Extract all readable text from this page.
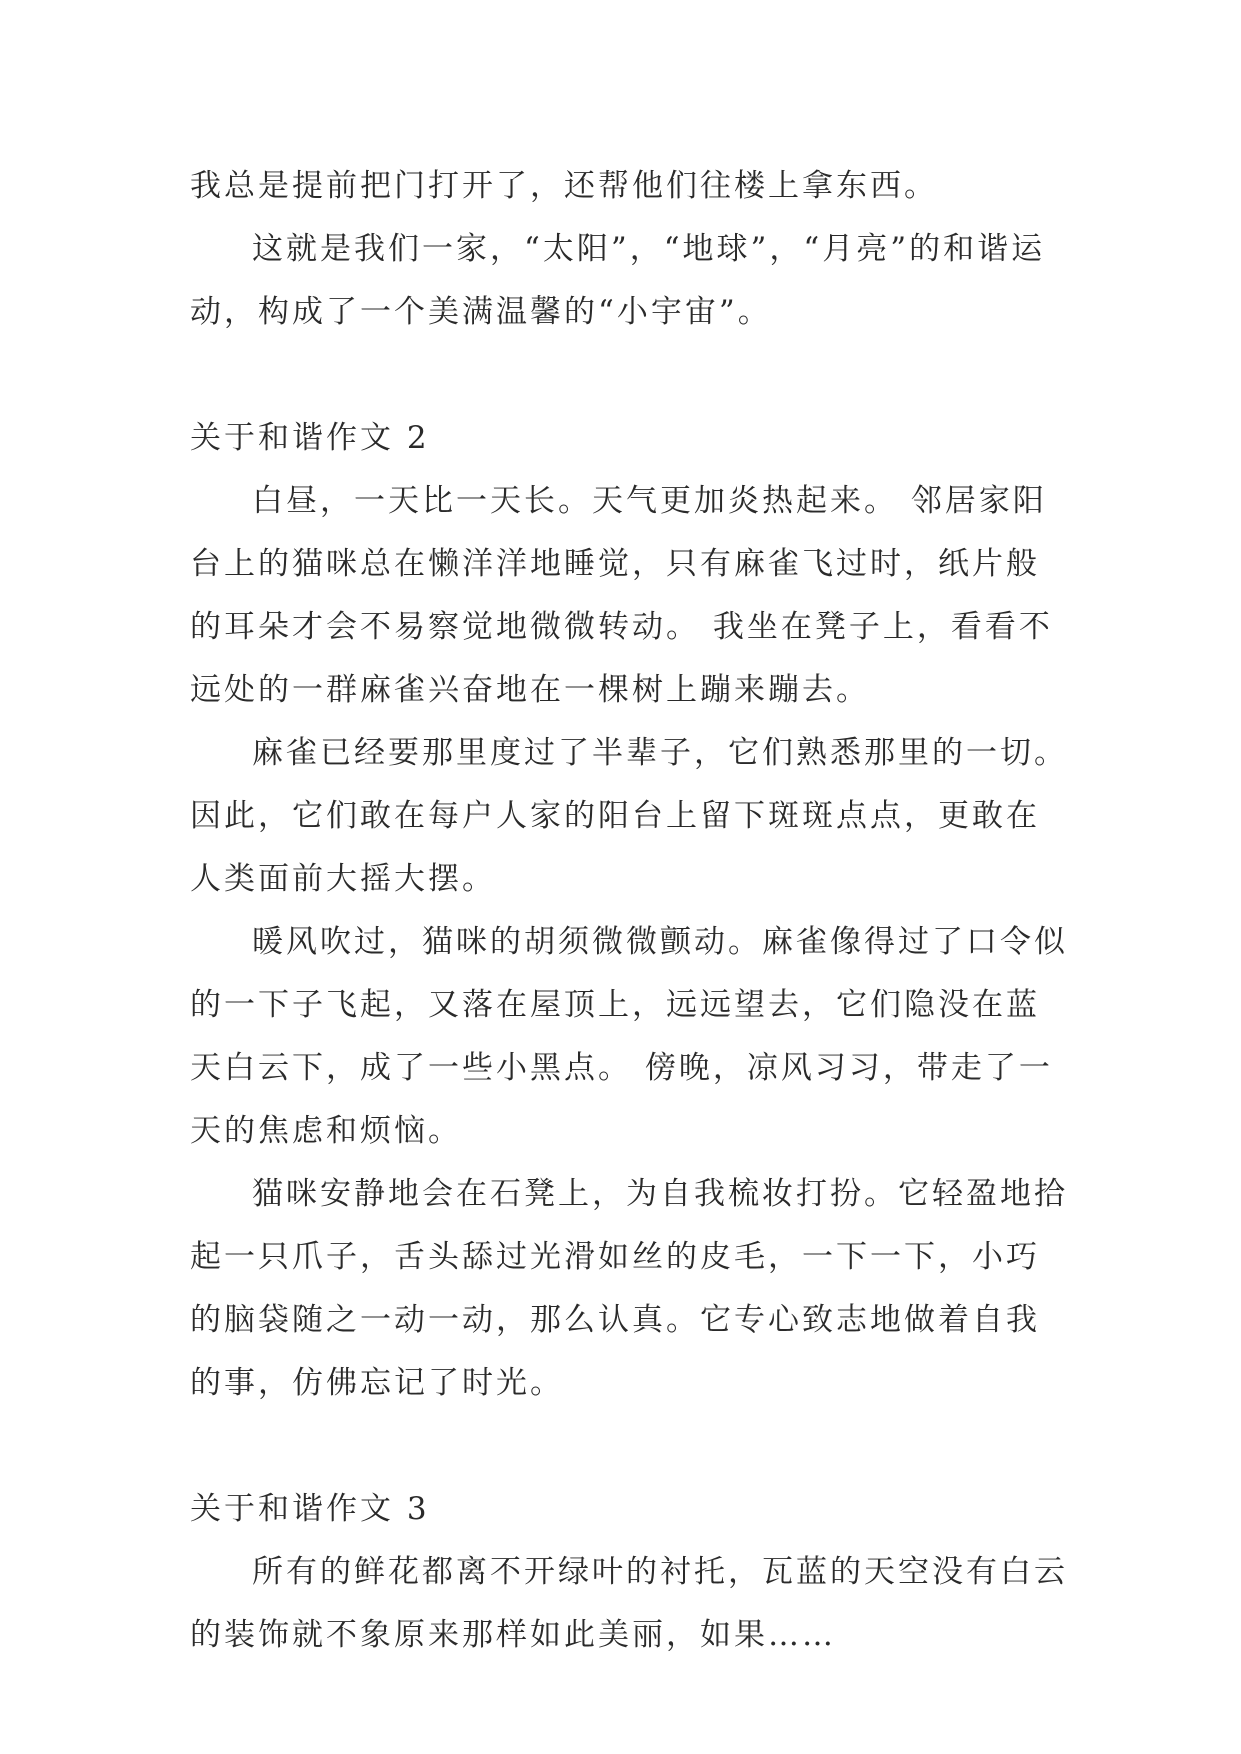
我总是提前把门打开了，还帮他们往楼上拿东西。

这就是我们一家，“太阳”，“地球”，“月亮”的和谐运动，构成了一个美满温馨的“小宇宙”。

关于和谐作文 2

白昼，一天比一天长。天气更加炎热起来。 邻居家阳台上的猫咪总在懒洋洋地睡觉，只有麻雀飞过时，纸片般的耳朵才会不易察觉地微微转动。 我坐在凳子上，看看不远处的一群麻雀兴奋地在一棵树上蹦来蹦去。

麻雀已经要那里度过了半辈子，它们熟悉那里的一切。因此，它们敢在每户人家的阳台上留下斑斑点点，更敢在人类面前大摇大摆。

暖风吹过，猫咪的胡须微微颤动。麻雀像得过了口令似的一下子飞起，又落在屋顶上，远远望去，它们隐没在蓝天白云下，成了一些小黑点。 傍晚，凉风习习，带走了一天的焦虑和烦恼。

猫咪安静地会在石凳上，为自我梳妆打扮。它轻盈地拾起一只爪子，舌头舔过光滑如丝的皮毛，一下一下，小巧的脑袋随之一动一动，那么认真。它专心致志地做着自我的事，仿佛忘记了时光。

关于和谐作文 3

所有的鲜花都离不开绿叶的衬托，瓦蓝的天空没有白云的装饰就不象原来那样如此美丽，如果……
